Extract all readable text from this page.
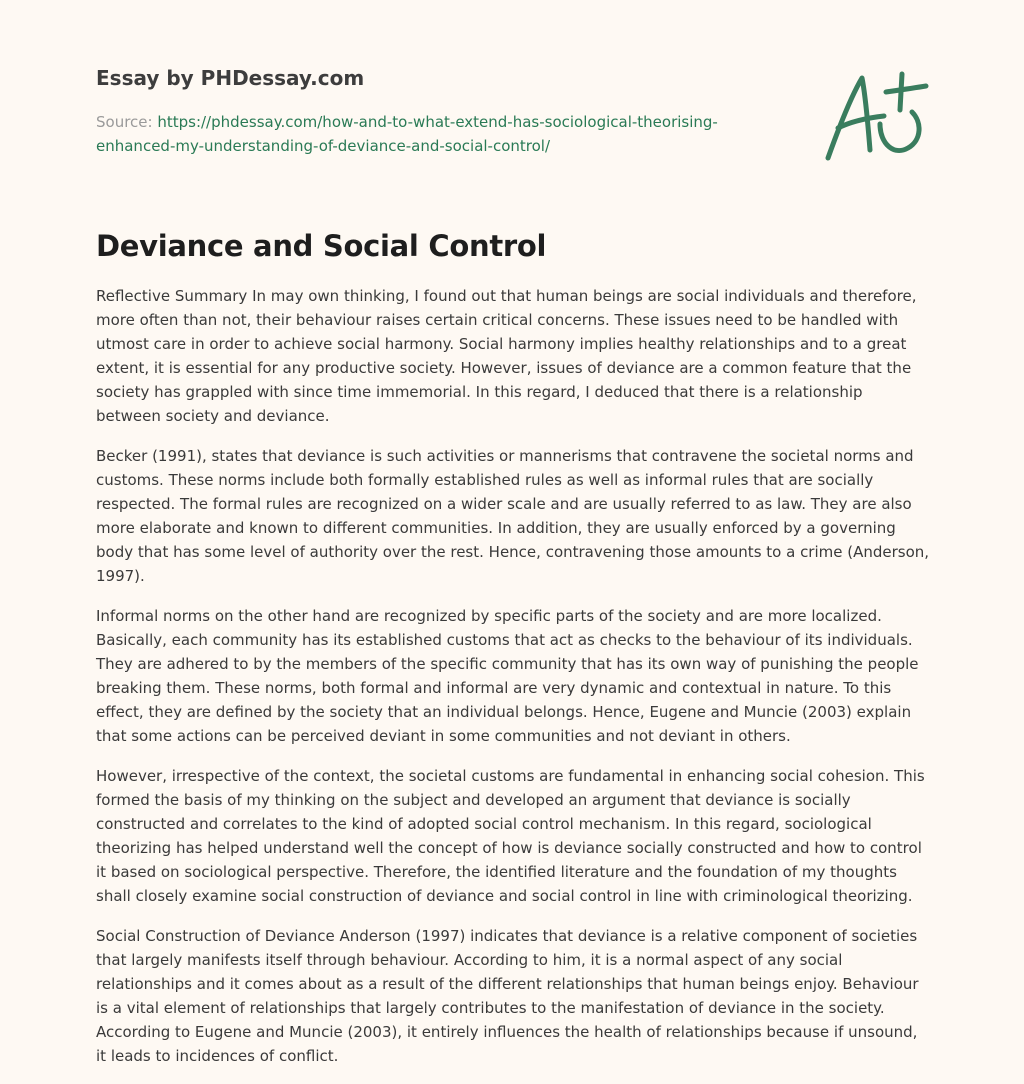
Essay by PHDessay.com
Source: https://phdessay.com/how-and-to-what-extend-has-sociological-theorising-
enhanced-my-understanding-of-deviance-and-social-control/
Deviance and Social Control

Reflective Summary In may own thinking, I found out that human beings are social individuals and therefore, more often than not, their behaviour raises certain critical concerns. These issues need to be handled with utmost care in order to achieve social harmony. Social harmony implies healthy relationships and to a great extent, it is essential for any productive society. However, issues of deviance are a common feature that the society has grappled with since time immemorial. In this regard, I deduced that there is a relationship between society and deviance.

Becker (1991), states that deviance is such activities or mannerisms that contravene the societal norms and customs. These norms include both formally established rules as well as informal rules that are socially respected. The formal rules are recognized on a wider scale and are usually referred to as law. They are also more elaborate and known to different communities. In addition, they are usually enforced by a governing body that has some level of authority over the rest. Hence, contravening those amounts to a crime (Anderson, 1997).

Informal norms on the other hand are recognized by specific parts of the society and are more localized. Basically, each community has its established customs that act as checks to the behaviour of its individuals. They are adhered to by the members of the specific community that has its own way of punishing the people breaking them. These norms, both formal and informal are very dynamic and contextual in nature. To this effect, they are defined by the society that an individual belongs. Hence, Eugene and Muncie (2003) explain that some actions can be perceived deviant in some communities and not deviant in others.

However, irrespective of the context, the societal customs are fundamental in enhancing social cohesion. This formed the basis of my thinking on the subject and developed an argument that deviance is socially constructed and correlates to the kind of adopted social control mechanism. In this regard, sociological theorizing has helped understand well the concept of how is deviance socially constructed and how to control it based on sociological perspective. Therefore, the identified literature and the foundation of my thoughts shall closely examine social construction of deviance and social control in line with criminological theorizing.

Social Construction of Deviance Anderson (1997) indicates that deviance is a relative component of societies that largely manifests itself through behaviour. According to him, it is a normal aspect of any social relationships and it comes about as a result of the different relationships that human beings enjoy. Behaviour is a vital element of relationships that largely contributes to the manifestation of deviance in the society. According to Eugene and Muncie (2003), it entirely influences the health of relationships because if unsound, it leads to incidences of conflict.
